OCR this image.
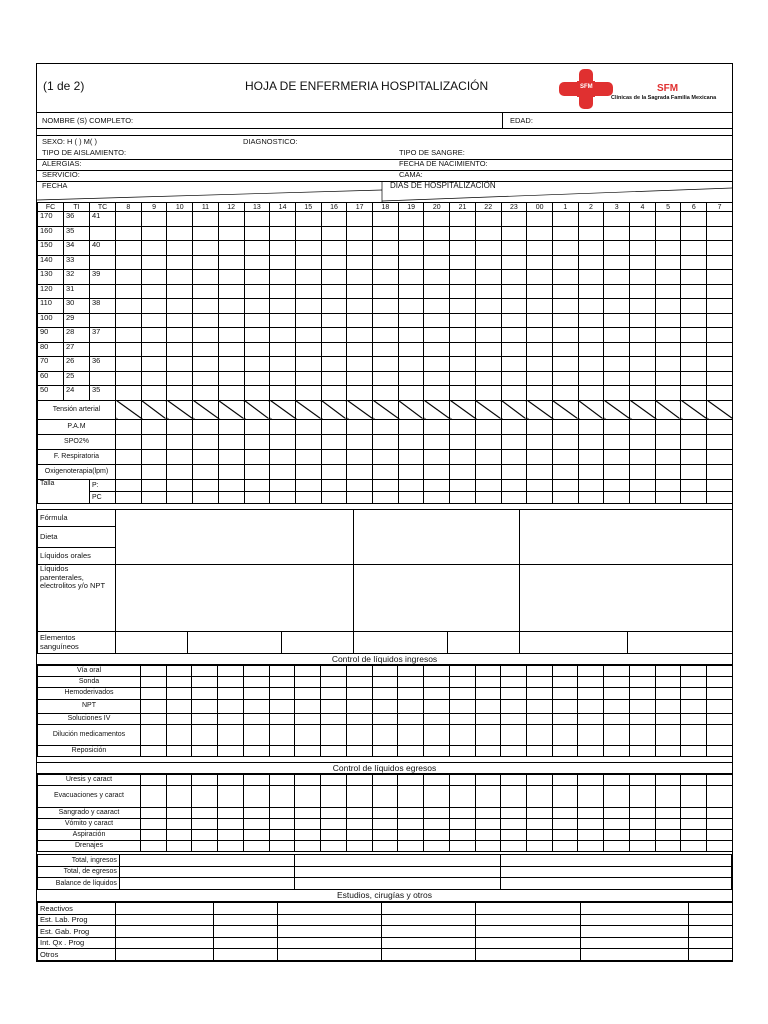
(1 de 2)	HOJA DE ENFERMERIA HOSPITALIZACIÓN	SFM	SFM
Clínicas de la Sagrada Familia Mexicana
NOMBRE (S) COMPLETO:	EDAD:
SEXO: H ( ) M( )	DIAGNOSTICO:
TIPO DE AISLAMIENTO:	TIPO DE SANGRE:
ALERGIAS:	FECHA DE NACIMIENTO:
SERVICIO:	CAMA:
FECHA	DIAS DE HOSPITALIZACIÓN
FC	TI	TC	8	9	10	11	12	13	14	15	16	17	18	19	20	21	22	23	00	1	2	3	4	5	6	7
170	36	41																								
160	35																									
150	34	40																								
140	33																									
130	32	39																								
120	31																									
110	30	38																								
100	29																									
90	28	37																								
80	27																									
70	26	36																								
60	25																									
50	24	35																								
Tensión arterial																										
P.A.M																										
SPO2%																										
F. Respiratoria																										
Oxigenoterapia(lpm)																										
Talla		P:																								
		PC																								
Fórmula							
Dieta							
Líquidos orales							
Líquidos parenterales, electrolitos y/o NPT							
Elementos sanguíneos							
Control de líquidos ingresos
Vía oral																							
Sonda																							
Hemoderivados																							
NPT																							
Soluciones IV																							
Dilución medicamentos																							
Reposición																							
Control de líquidos egresos
Uresis y caract																							
Evacuaciones y caract																							
Sangrado y caaract																							
Vómito y caract																							
Aspiración																							
Drenajes																							
Total, ingresos			
Total, de egresos			
Balance de líquidos			
Estudios, cirugías y otros
Reactivos							
Est. Lab. Prog							
Est. Gab. Prog							
Int. Qx . Prog							
Otros							
